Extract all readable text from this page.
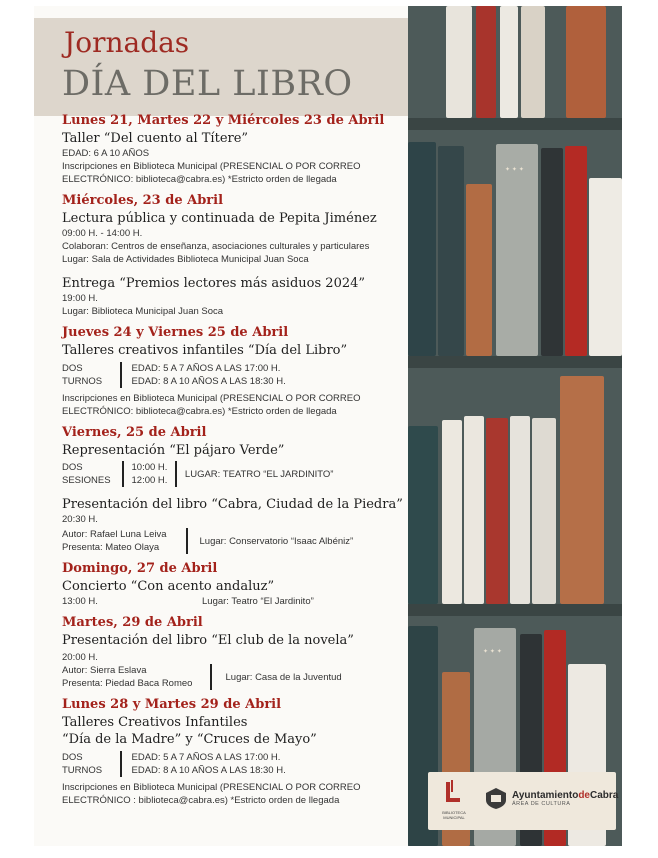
Jornadas
DÍA DEL LIBRO
Lunes 21, Martes 22 y Miércoles 23 de Abril
Taller “Del cuento al Títere”
EDAD: 6 A 10 AÑOS
Inscripciones en Biblioteca Municipal (PRESENCIAL O POR CORREO
ELECTRÓNICO: biblioteca@cabra.es) *Estricto orden de llegada
Miércoles, 23 de Abril
Lectura pública y continuada de Pepita Jiménez
09:00 H. - 14:00 H.
Colaboran: Centros de enseñanza, asociaciones culturales y particulares
Lugar: Sala de Actividades Biblioteca Municipal Juan Soca
Entrega “Premios lectores más asiduos 2024”
19:00 H.
Lugar: Biblioteca Municipal Juan Soca
Jueves 24 y Viernes 25 de Abril
Talleres creativos infantiles “Día del Libro”
DOS
TURNOS
EDAD: 5 A 7 AÑOS A LAS 17:00 H.
EDAD: 8 A 10 AÑOS A LAS 18:30 H.
Inscripciones en Biblioteca Municipal (PRESENCIAL O POR CORREO
ELECTRÓNICO: biblioteca@cabra.es) *Estricto orden de llegada
Viernes, 25 de Abril
Representación “El pájaro Verde”
DOS
SESIONES
10:00 H.
12:00 H.
LUGAR: TEATRO “EL JARDINITO”
Presentación del libro “Cabra, Ciudad de la Piedra”
20:30 H.
Autor: Rafael Luna Leiva
Presenta: Mateo Olaya
Lugar: Conservatorio “Isaac Albéniz”
Domingo, 27 de Abril
Concierto “Con acento andaluz”
13:00 H.	Lugar: Teatro “El Jardinito”
Martes, 29 de Abril
Presentación del libro “El club de la novela”
20:00 H.
Autor: Sierra Eslava
Presenta: Piedad Baca Romeo
Lugar: Casa de la Juventud
Lunes 28 y Martes 29 de Abril
Talleres Creativos Infantiles
“Día de la Madre” y “Cruces de Mayo”
DOS
TURNOS
EDAD: 5 A 7 AÑOS A LAS 17:00 H.
EDAD: 8 A 10 AÑOS A LAS 18:30 H.
Inscripciones en Biblioteca Municipal (PRESENCIAL O POR CORREO
ELECTRÓNICO : biblioteca@cabra.es) *Estricto orden de llegada
✦ ✦ ✦
✦ ✦ ✦
BIBLIOTECA MUNICIPAL
AyuntamientodeCabra
ÁREA DE CULTURA
